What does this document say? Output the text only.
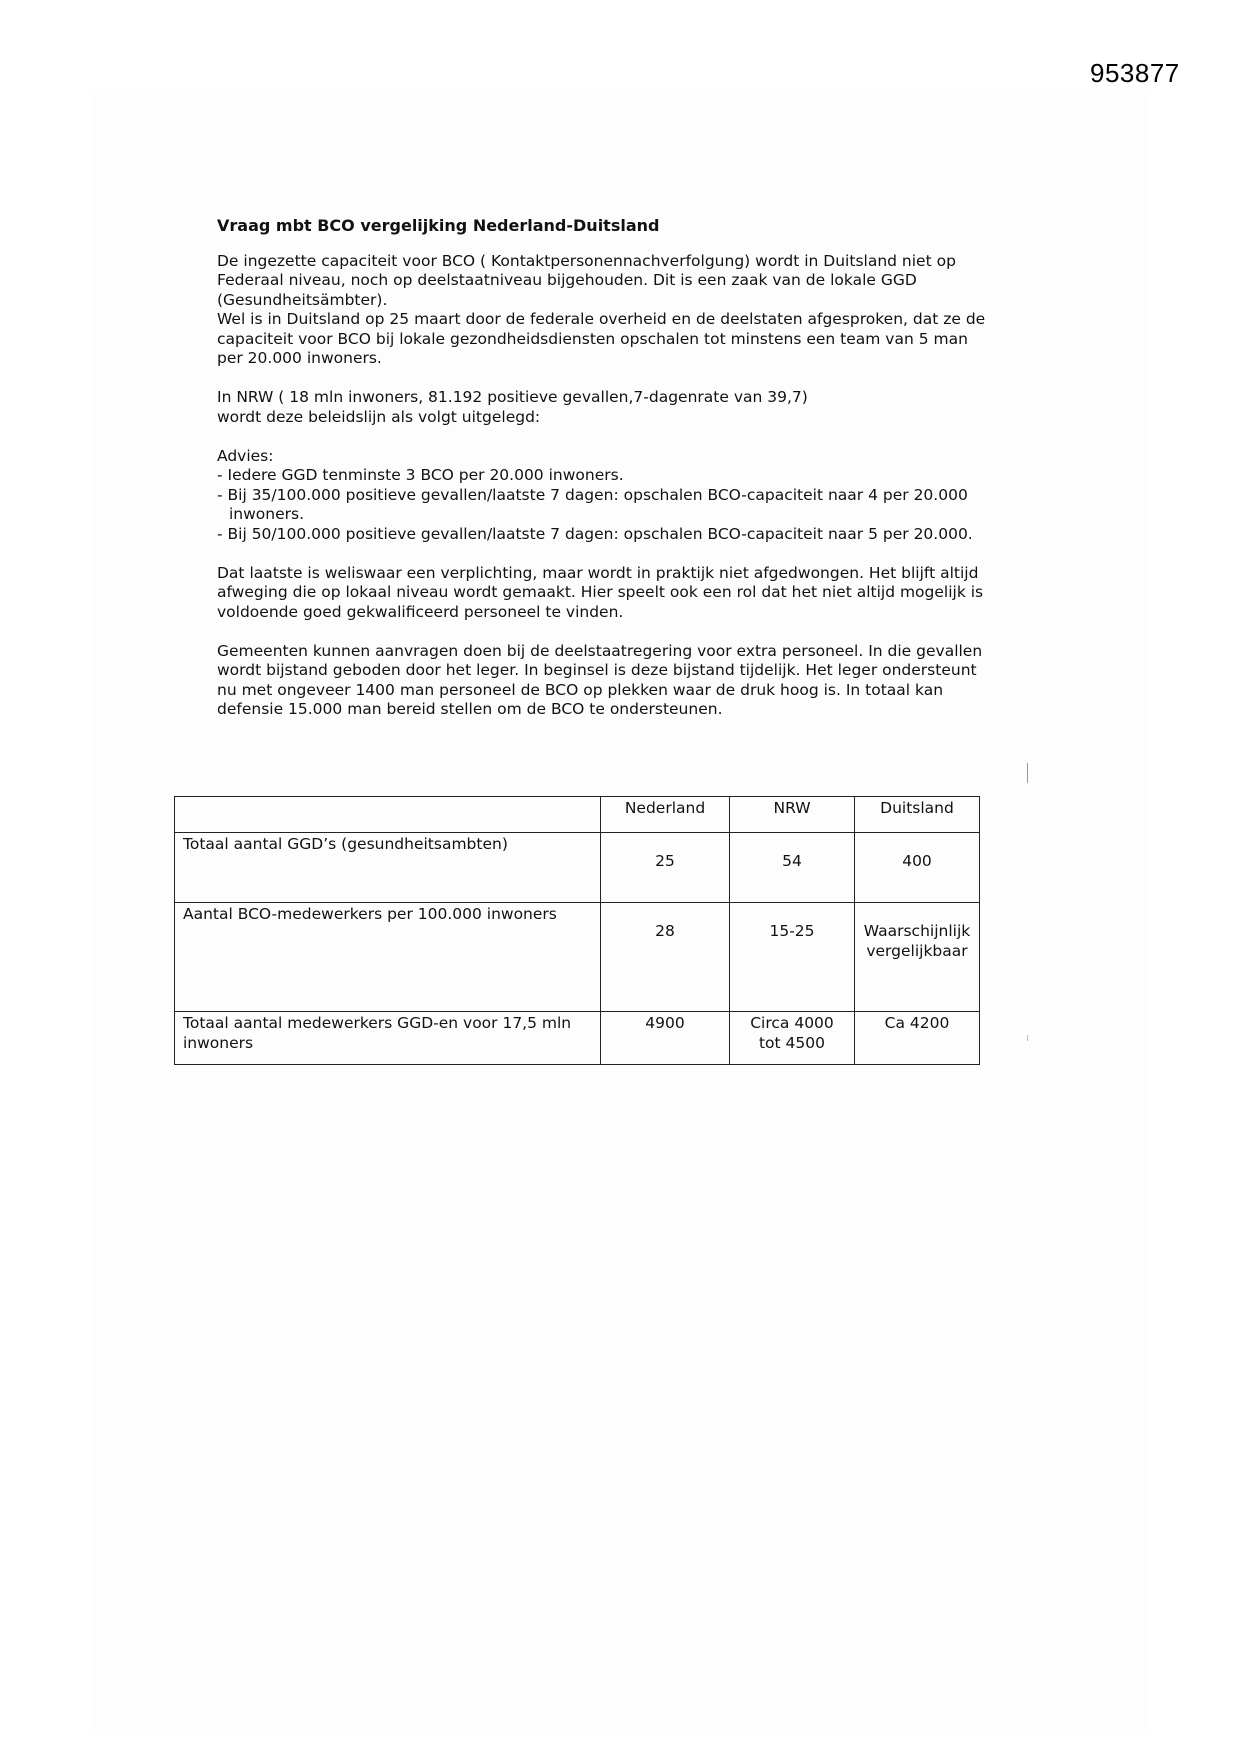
953877
Vraag mbt BCO vergelijking Nederland-Duitsland

De ingezette capaciteit voor BCO ( Kontaktpersonennachverfolgung) wordt in Duitsland niet op
Federaal niveau, noch op deelstaatniveau bijgehouden. Dit is een zaak van de lokale GGD
(Gesundheitsämbter).
Wel is in Duitsland op 25 maart door de federale overheid en de deelstaten afgesproken, dat ze de
capaciteit voor BCO bij lokale gezondheidsdiensten opschalen tot minstens een team van 5 man
per 20.000 inwoners.

In NRW ( 18 mln inwoners, 81.192 positieve gevallen,7-dagenrate van 39,7)
wordt deze beleidslijn als volgt uitgelegd:

Advies:
- Iedere GGD tenminste 3 BCO per 20.000 inwoners.
- Bij 35/100.000 positieve gevallen/laatste 7 dagen: opschalen BCO-capaciteit naar 4 per 20.000 inwoners.
- Bij 50/100.000 positieve gevallen/laatste 7 dagen: opschalen BCO-capaciteit naar 5 per 20.000.

Dat laatste is weliswaar een verplichting, maar wordt in praktijk niet afgedwongen. Het blijft altijd
afweging die op lokaal niveau wordt gemaakt. Hier speelt ook een rol dat het niet altijd mogelijk is
voldoende goed gekwalificeerd personeel te vinden.

Gemeenten kunnen aanvragen doen bij de deelstaatregering voor extra personeel. In die gevallen
wordt bijstand geboden door het leger. In beginsel is deze bijstand tijdelijk. Het leger ondersteunt
nu met ongeveer 1400 man personeel de BCO op plekken waar de druk hoog is. In totaal kan
defensie 15.000 man bereid stellen om de BCO te ondersteunen.

	Nederland	NRW	Duitsland
Totaal aantal GGD’s (gesundheitsambten)	25	54	400
Aantal BCO-medewerkers per 100.000 inwoners	28	15-25	Waarschijnlijk vergelijkbaar
Totaal aantal medewerkers GGD-en voor 17,5 mln inwoners	4900	Circa 4000 tot 4500	Ca 4200
